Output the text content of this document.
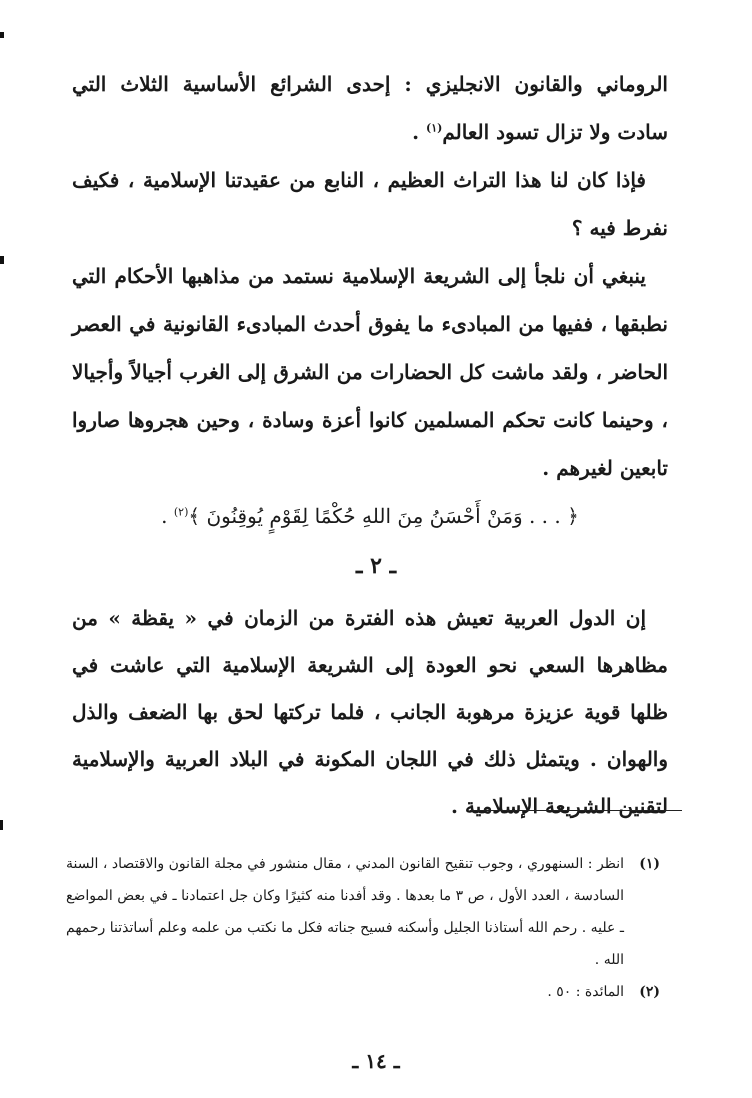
الروماني والقانون الانجليزي : إحدى الشرائع الأساسية الثلاث التي سادت ولا تزال تسود العالم$^{(١)}$ .

فإذا كان لنا هذا التراث العظيم ، النابع من عقيدتنا الإسلامية ، فكيف نفرط فيه ؟

ينبغي أن نلجأ إلى الشريعة الإسلامية نستمد من مذاهبها الأحكام التي نطبقها ، ففيها من المبادىء ما يفوق أحدث المبادىء القانونية في العصر الحاضر ، ولقد ماشت كل الحضارات من الشرق إلى الغرب أجيالاً وأجيالا ، وحينما كانت تحكم المسلمين كانوا أعزة وسادة ، وحين هجروها صاروا تابعين لغيرهم .

﴿ . . . وَمَنْ أَحْسَنُ مِنَ اللهِ حُكْمًا لِقَوْمٍ يُوقِنُونَ ﴾$^{(٢)}$ .

ـ ٢ ـ

إن الدول العربية تعيش هذه الفترة من الزمان في « يقظة » من مظاهرها السعي نحو العودة إلى الشريعة الإسلامية التي عاشت في ظلها قوية عزيزة مرهوبة الجانب ، فلما تركتها لحق بها الضعف والذل والهوان . ويتمثل ذلك في اللجان المكونة في البلاد العربية والإسلامية لتقنين الشريعة الإسلامية .

(١)
انظر : السنهوري ، وجوب تنقيح القانون المدني ، مقال منشور في مجلة القانون والاقتصاد ، السنة السادسة ، العدد الأول ، ص ٣ ما بعدها . وقد أفدنا منه كثيرًا وكان جل اعتمادنا ـ في بعض المواضع ـ عليه . رحم الله أستاذنا الجليل وأسكنه فسيح جناته فكل ما نكتب من علمه وعلم أساتذتنا رحمهم الله .
(٢)
المائدة : ٥٠ .
ـ ١٤ ـ
